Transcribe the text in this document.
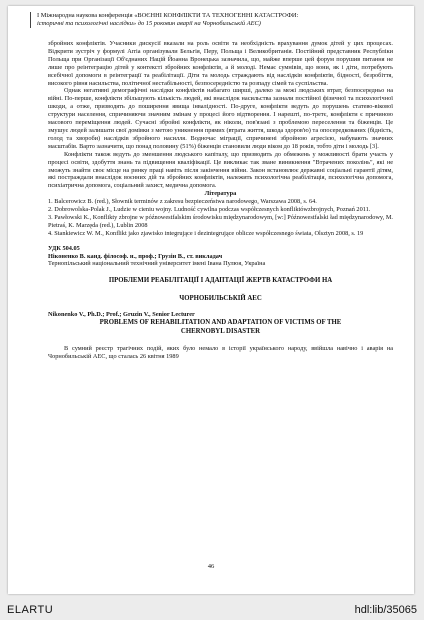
І Міжнародна наукова конференція «ВОЄННІ КОНФЛІКТИ ТА ТЕХНОГЕННІ КАТАСТРОФИ:
історичні та психологічні наслідки» до 15 роковин аварії на Чорнобильській АЕС)

збройних конфліктів. Учасники дискусії вказали на роль освіти та необхідність врахування думок дітей у цих процесах. Відкрити зустріч у формулі Arria організували Бельгія, Перу, Польща і Великобританія. Постійний представник Республіки Польща при Організації Об'єднаних Націй Йоанна Вронецька зазначила, що, майже вперше цей форум порушив питання не лише про реінтеграцію дітей у контексті збройних конфліктів, а й молоді. Немає сумнівів, що вони, як і діти, потребують всебічної допомоги в реінтеграції та реабілітації. Діти та молодь страждають від наслідків конфліктів, бідності, безробіття, високого рівня насильства, політичної нестабільності, безпосередністю та розпаду сімей та суспільства.

Однак негативні демографічні наслідки конфліктів набагато ширші, далеко за межі людських втрат, безпосередньо на війні. По-перше, конфлікти збільшують кількість людей, які внаслідок насильства зазнали постійної фізичної та психологічної шкоди, а отже, призводять до поширення явища інвалідності. По-друге, конфлікти ведуть до порушень статево-вікової структури населення, спричиняючи значним змінам у процесі його відтворення. І нарешті, по-третє, конфлікти є причиною масового переміщення людей. Сучасні збройні конфлікти, як ніколи, пов'язані з проблемою переселення та біженців. Це змушує людей залишати свої домівки з метою уникнення прямих (втрата життя, шкода здоров'ю) та опосередкованих (бідність, голод та хвороби) наслідків збройного насилля. Водночас міграції, спричинені збройною агресією, набувають значних масштабів. Варто зазначити, що понад половину (51%) біженців становили люди віком до 18 років, тобто діти і молодь [3].

Конфлікти також ведуть до зменшення людського капіталу, що призводить до обмежень у можливості брати участь у процесі освіти, здобуття знань та підвищення кваліфікації. Це викликає так зване виникнення "Втрачених поколінь", які не зможуть знайти своє місце на ринку праці навіть після закінчення війни. Закон встановлює державні соціальні гарантії дітям, які постраждали внаслідок воєнних дій та збройних конфліктів, належить психологічна реабілітація, психологічна допомога, психіатрична допомога, соціальний захист, медична допомога.

Література

1. Balcerowicz B. (red.), Słownik terminów z zakresu bezpieczeństwa narodowego, Warszawa 2008, s. 64.

2. Dobrowolska-Polak J., Ludzie w cieniu wojny. Ludność cywilna podczas współczesnych konfliktówzbrojnych, Poznań 2011.

3. Pawłowski K., Konflikty zbrojne w późnowestfalskim środowisku międzynarodowym, [w:] Późnowestfalski ład międzynarodowy, M. Pietraś, K. Marzęda (red.), Lublin 2008

4. Stankiewicz W. M., Konflikt jako zjawisko integrujące i dezintegrujące oblicze współczesnego świata, Olsztyn 2008, s. 19

УДК 504.05

Ніконенко В. канд. філософ. н., проф.; Грузін В., ст. викладач

Тернопільський національний технічний університет імені Івана Пулюя, Україна

ПРОБЛЕМИ РЕАБІЛІТАЦІЇ І АДАПТАЦІЇ ЖЕРТВ КАТАСТРОФИ НА

ЧОРНОБИЛЬСЬКІЙ АЕС

Nikonenko V., Ph.D.; Prof.; Gruzin V., Senior Lecturer

PROBLEMS OF REHABILITATION AND ADAPTATION OF VICTIMS OF THE

CHERNOBYL DISASTER

В сумний реєстр трагічних подій, яких було немало в історії українського народу, ввійшла навічно і аварія на Чорнобильській АЕС, що сталась 26 квітня 1989

46
ELARTU	hdl:lib/35065
